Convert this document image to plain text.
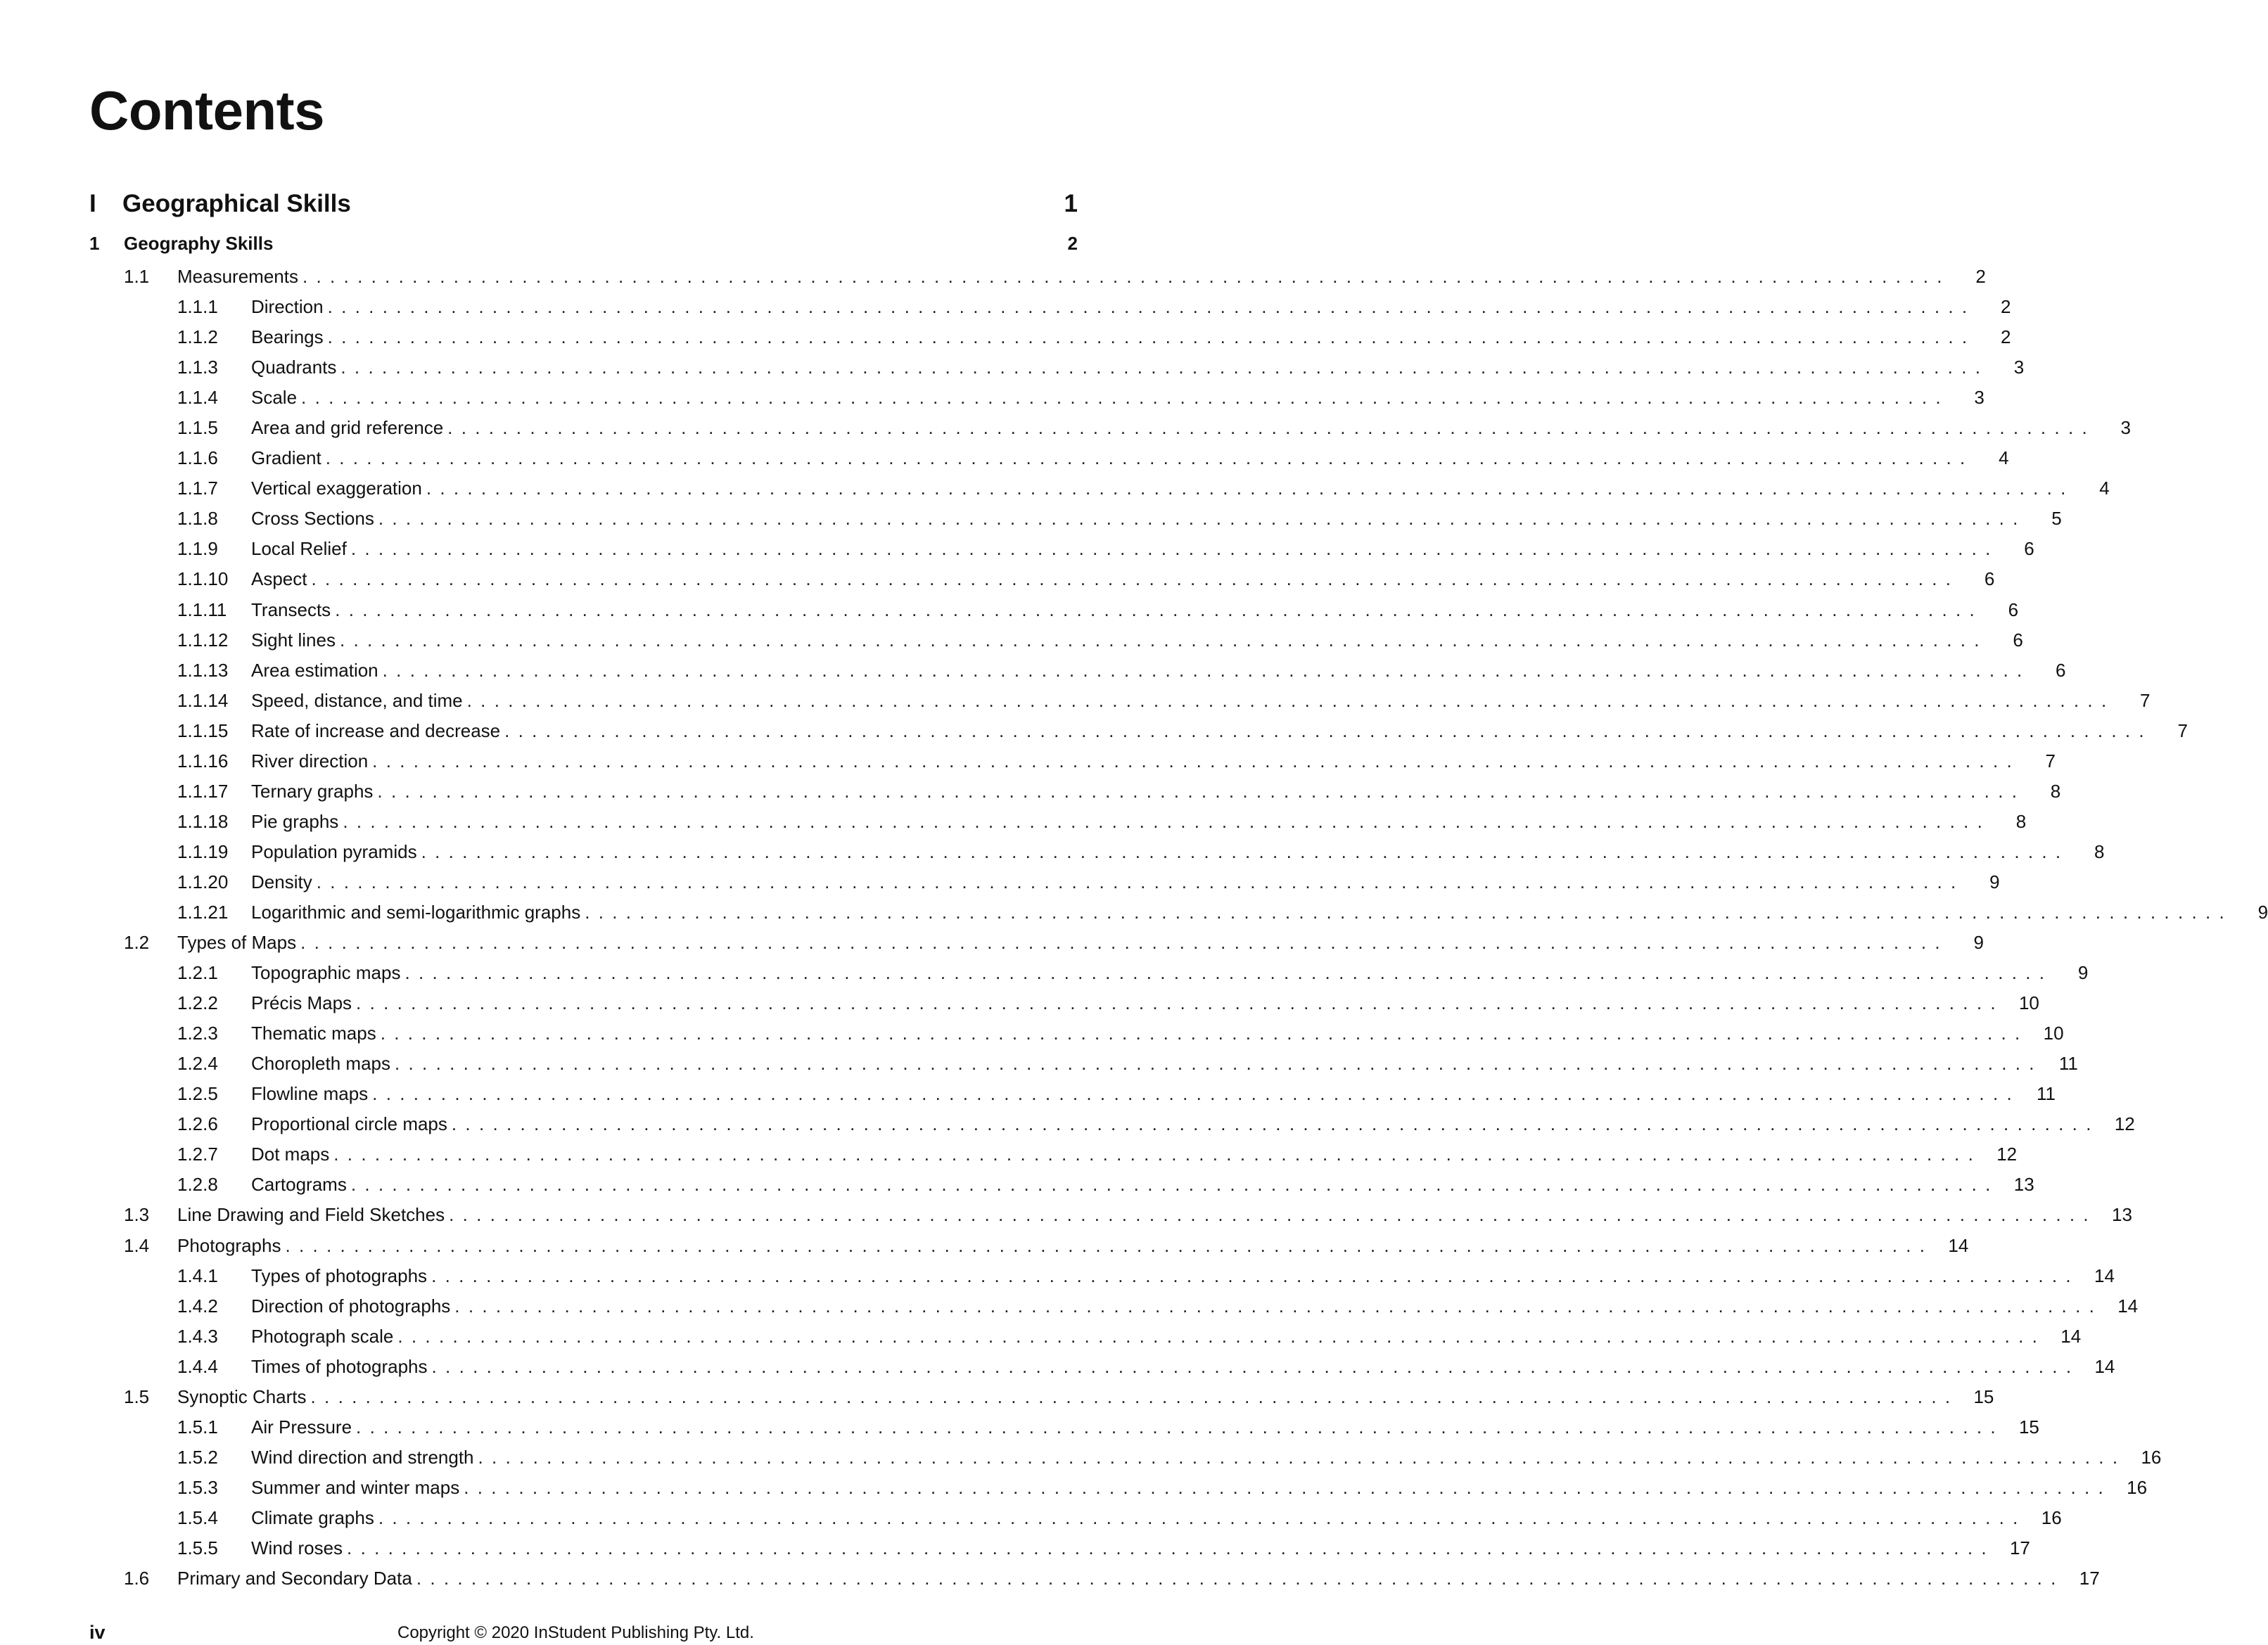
Contents
I Geographical Skills	1
1 Geography Skills	2
1.1 Measurements ........................................................................................................................	2
1.1.1 Direction ........................................................................................................................	2
1.1.2 Bearings ........................................................................................................................	2
1.1.3 Quadrants ........................................................................................................................	3
1.1.4 Scale ........................................................................................................................	3
1.1.5 Area and grid reference ........................................................................................................................	3
1.1.6 Gradient ........................................................................................................................	4
1.1.7 Vertical exaggeration ........................................................................................................................	4
1.1.8 Cross Sections ........................................................................................................................	5
1.1.9 Local Relief ........................................................................................................................	6
1.1.10 Aspect ........................................................................................................................	6
1.1.11 Transects ........................................................................................................................	6
1.1.12 Sight lines ........................................................................................................................	6
1.1.13 Area estimation ........................................................................................................................	6
1.1.14 Speed, distance, and time ........................................................................................................................	7
1.1.15 Rate of increase and decrease ........................................................................................................................	7
1.1.16 River direction ........................................................................................................................	7
1.1.17 Ternary graphs ........................................................................................................................	8
1.1.18 Pie graphs ........................................................................................................................	8
1.1.19 Population pyramids ........................................................................................................................	8
1.1.20 Density ........................................................................................................................	9
1.1.21 Logarithmic and semi-logarithmic graphs ........................................................................................................................	9
1.2 Types of Maps ........................................................................................................................	9
1.2.1 Topographic maps ........................................................................................................................	9
1.2.2 Précis Maps ........................................................................................................................ 10
1.2.3 Thematic maps ........................................................................................................................ 10
1.2.4 Choropleth maps ........................................................................................................................ 11
1.2.5 Flowline maps ........................................................................................................................ 11
1.2.6 Proportional circle maps ........................................................................................................................ 12
1.2.7 Dot maps ........................................................................................................................ 12
1.2.8 Cartograms ........................................................................................................................ 13
1.3 Line Drawing and Field Sketches ........................................................................................................................ 13
1.4 Photographs ........................................................................................................................ 14
1.4.1 Types of photographs ........................................................................................................................ 14
1.4.2 Direction of photographs ........................................................................................................................ 14
1.4.3 Photograph scale ........................................................................................................................ 14
1.4.4 Times of photographs ........................................................................................................................ 14
1.5 Synoptic Charts ........................................................................................................................ 15
1.5.1 Air Pressure ........................................................................................................................ 15
1.5.2 Wind direction and strength ........................................................................................................................ 16
1.5.3 Summer and winter maps ........................................................................................................................ 16
1.5.4 Climate graphs ........................................................................................................................ 16
1.5.5 Wind roses ........................................................................................................................ 17
1.6 Primary and Secondary Data ........................................................................................................................ 17
iv	Copyright © 2020 InStudent Publishing Pty. Ltd.
